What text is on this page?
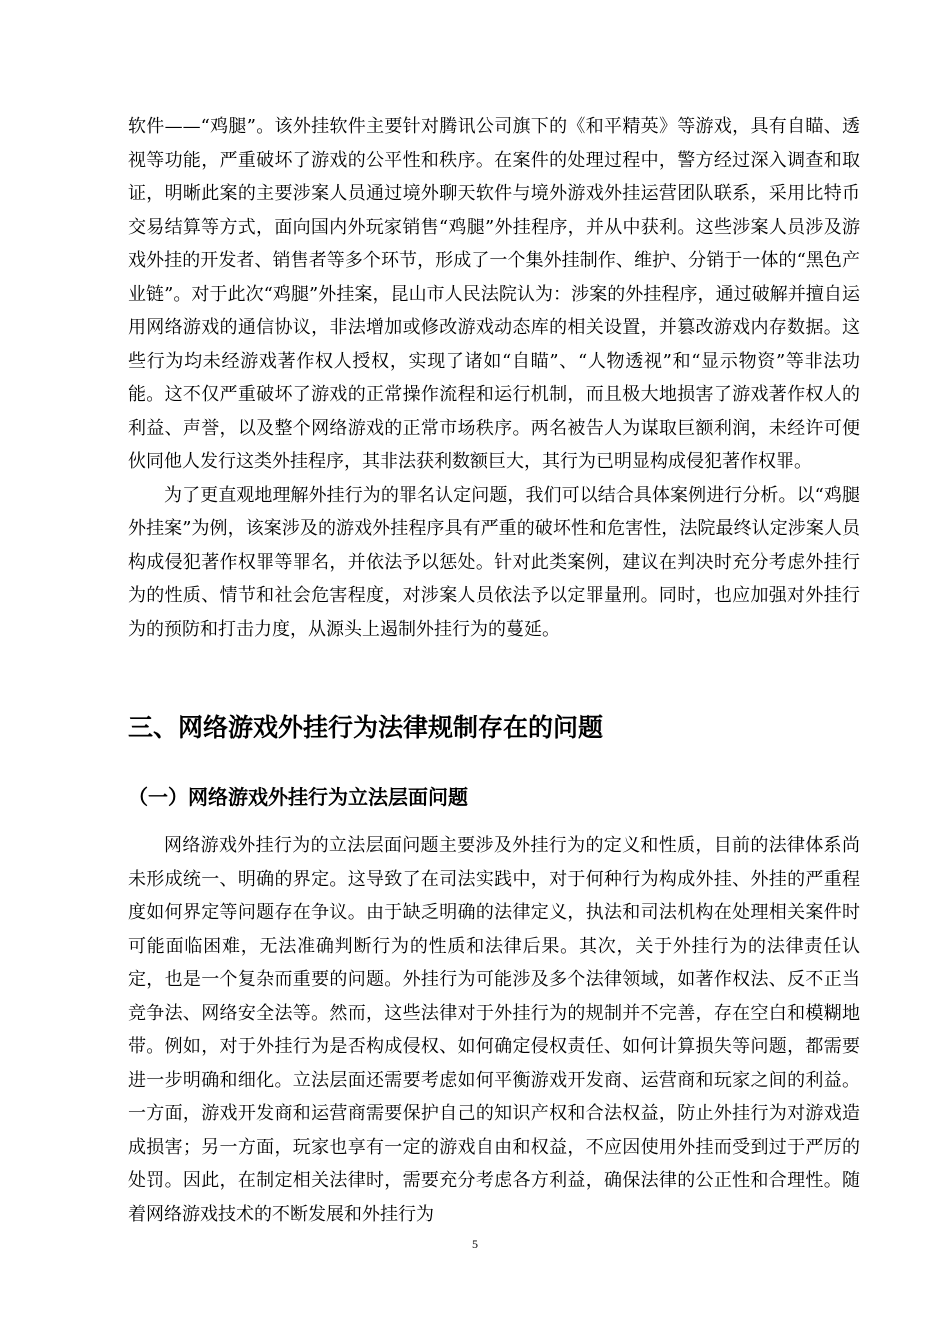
软件——“鸡腿”。该外挂软件主要针对腾讯公司旗下的《和平精英》等游戏，具有自瞄、透视等功能，严重破坏了游戏的公平性和秩序。在案件的处理过程中，警方经过深入调查和取证，明晰此案的主要涉案人员通过境外聊天软件与境外游戏外挂运营团队联系，采用比特币交易结算等方式，面向国内外玩家销售“鸡腿”外挂程序，并从中获利。这些涉案人员涉及游戏外挂的开发者、销售者等多个环节，形成了一个集外挂制作、维护、分销于一体的“黑色产业链”。对于此次“鸡腿”外挂案，昆山市人民法院认为：涉案的外挂程序，通过破解并擅自运用网络游戏的通信协议，非法增加或修改游戏动态库的相关设置，并篡改游戏内存数据。这些行为均未经游戏著作权人授权，实现了诸如“自瞄”、“人物透视”和“显示物资”等非法功能。这不仅严重破坏了游戏的正常操作流程和运行机制，而且极大地损害了游戏著作权人的利益、声誉，以及整个网络游戏的正常市场秩序。两名被告人为谋取巨额利润，未经许可便伙同他人发行这类外挂程序，其非法获利数额巨大，其行为已明显构成侵犯著作权罪。

为了更直观地理解外挂行为的罪名认定问题，我们可以结合具体案例进行分析。以“鸡腿外挂案”为例，该案涉及的游戏外挂程序具有严重的破坏性和危害性，法院最终认定涉案人员构成侵犯著作权罪等罪名，并依法予以惩处。针对此类案例，建议在判决时充分考虑外挂行为的性质、情节和社会危害程度，对涉案人员依法予以定罪量刑。同时，也应加强对外挂行为的预防和打击力度，从源头上遏制外挂行为的蔓延。

三、网络游戏外挂行为法律规制存在的问题
（一）网络游戏外挂行为立法层面问题

网络游戏外挂行为的立法层面问题主要涉及外挂行为的定义和性质，目前的法律体系尚未形成统一、明确的界定。这导致了在司法实践中，对于何种行为构成外挂、外挂的严重程度如何界定等问题存在争议。由于缺乏明确的法律定义，执法和司法机构在处理相关案件时可能面临困难，无法准确判断行为的性质和法律后果。其次，关于外挂行为的法律责任认定，也是一个复杂而重要的问题。外挂行为可能涉及多个法律领域，如著作权法、反不正当竞争法、网络安全法等。然而，这些法律对于外挂行为的规制并不完善，存在空白和模糊地带。例如，对于外挂行为是否构成侵权、如何确定侵权责任、如何计算损失等问题，都需要进一步明确和细化。立法层面还需要考虑如何平衡游戏开发商、运营商和玩家之间的利益。一方面，游戏开发商和运营商需要保护自己的知识产权和合法权益，防止外挂行为对游戏造成损害；另一方面，玩家也享有一定的游戏自由和权益，不应因使用外挂而受到过于严厉的处罚。因此，在制定相关法律时，需要充分考虑各方利益，确保法律的公正性和合理性。随着网络游戏技术的不断发展和外挂行为

5
